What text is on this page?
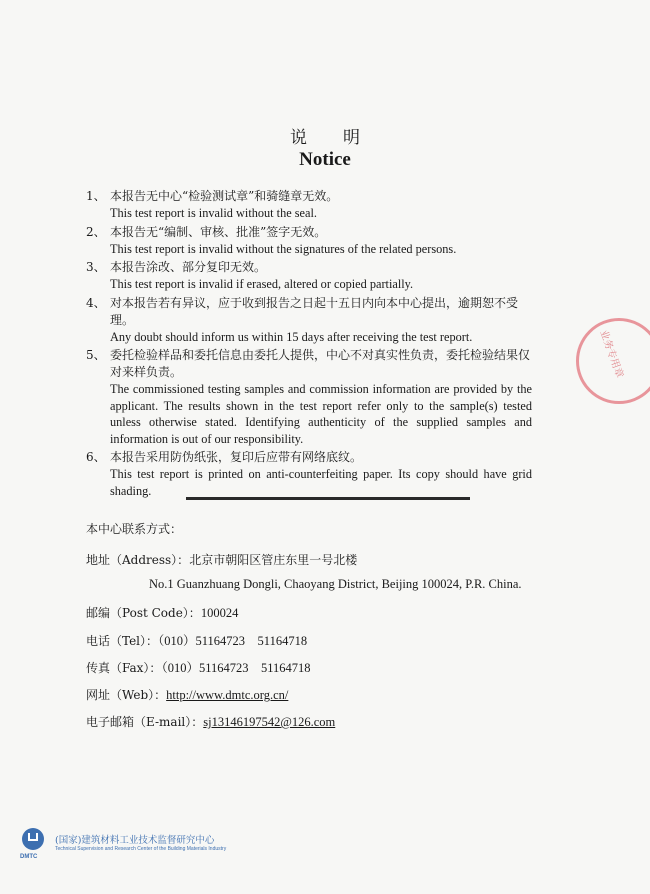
说明
Notice
1、 本报告无中心“检验测试章”和骑缝章无效。
This test report is invalid without the seal.
2、 本报告无“编制、审核、批准”签字无效。
This test report is invalid without the signatures of the related persons.
3、 本报告涂改、部分复印无效。
This test report is invalid if erased, altered or copied partially.
4、 对本报告若有异议，应于收到报告之日起十五日内向本中心提出，逾期恕不受理。
Any doubt should inform us within 15 days after receiving the test report.
5、 委托检验样品和委托信息由委托人提供，中心不对真实性负责，委托检验结果仅对来样负责。
The commissioned testing samples and commission information are provided by the applicant. The results shown in the test report refer only to the sample(s) tested unless otherwise stated. Identifying authenticity of the supplied samples and information is out of our responsibility.
6、 本报告采用防伪纸张，复印后应带有网络底纹。
This test report is printed on anti-counterfeiting paper. Its copy should have grid shading.
本中心联系方式：
地址（Address）：北京市朝阳区管庄东里一号北楼
No.1 Guanzhuang Dongli, Chaoyang District, Beijing 100024, P.R. China.
邮编（Post Code）：100024
电话（Tel）：（010）51164723    51164718
传真（Fax）：（010）51164723    51164718
网址（Web）：http://www.dmtc.org.cn/
电子邮箱（E-mail）：sj13146197542@126.com
业务专用章
DMTC
(国家)建筑材料工业技术监督研究中心
Technical Supervision and Research Center of the Building Materials Industry
